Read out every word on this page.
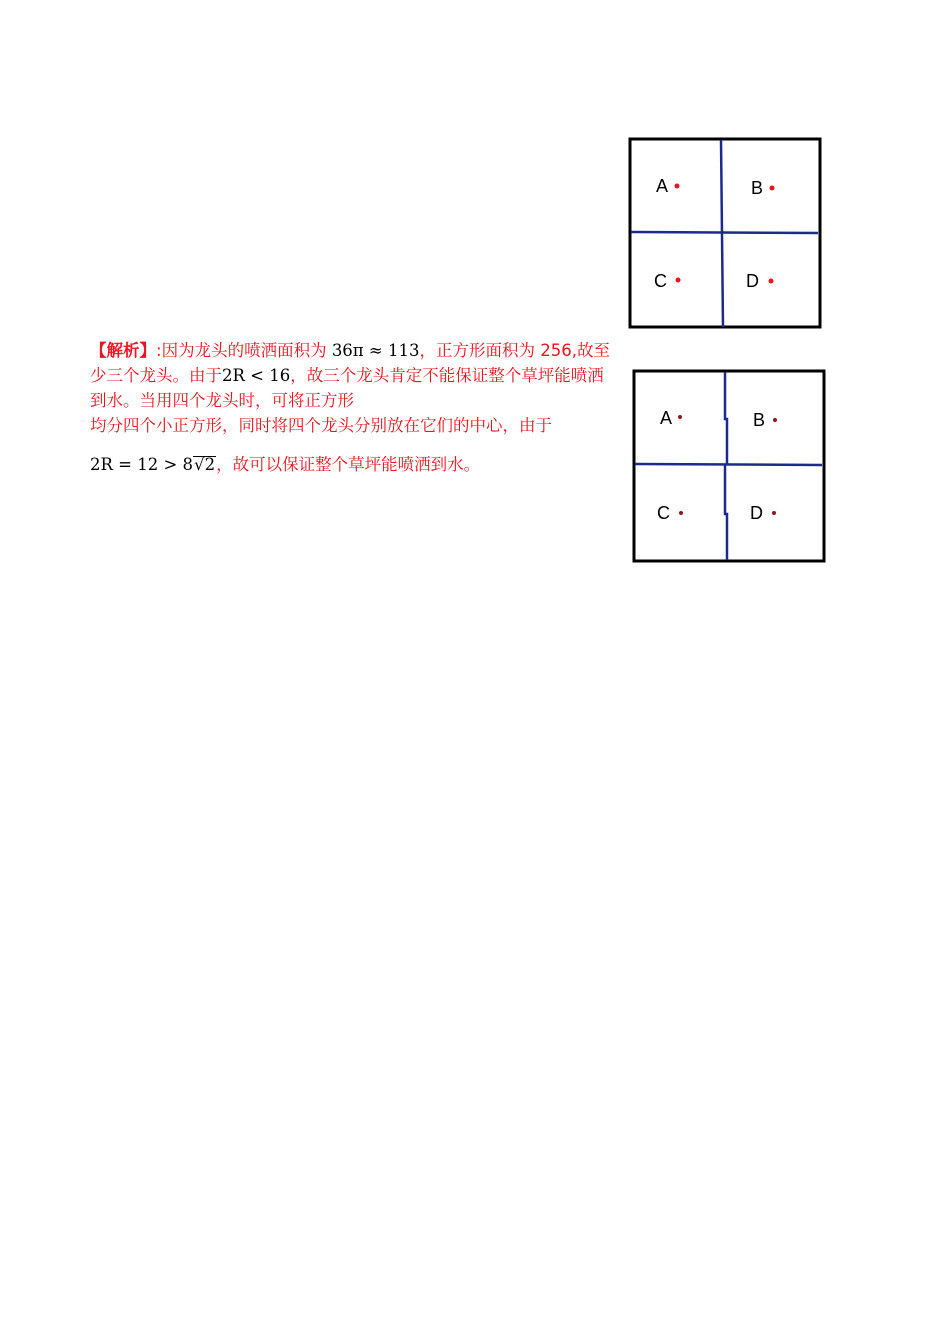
【解析】:因为龙头的喷洒面积为 36π ≈ 113，正方形面积为 256,故至
少三个龙头。由于2R < 16，故三个龙头肯定不能保证整个草坪能喷洒
到水。当用四个龙头时，可将正方形
均分四个小正方形，同时将四个龙头分别放在它们的中心，由于
2R = 12 > 8√2，故可以保证整个草坪能喷洒到水。
A	B
C	D
A	B
C	D
